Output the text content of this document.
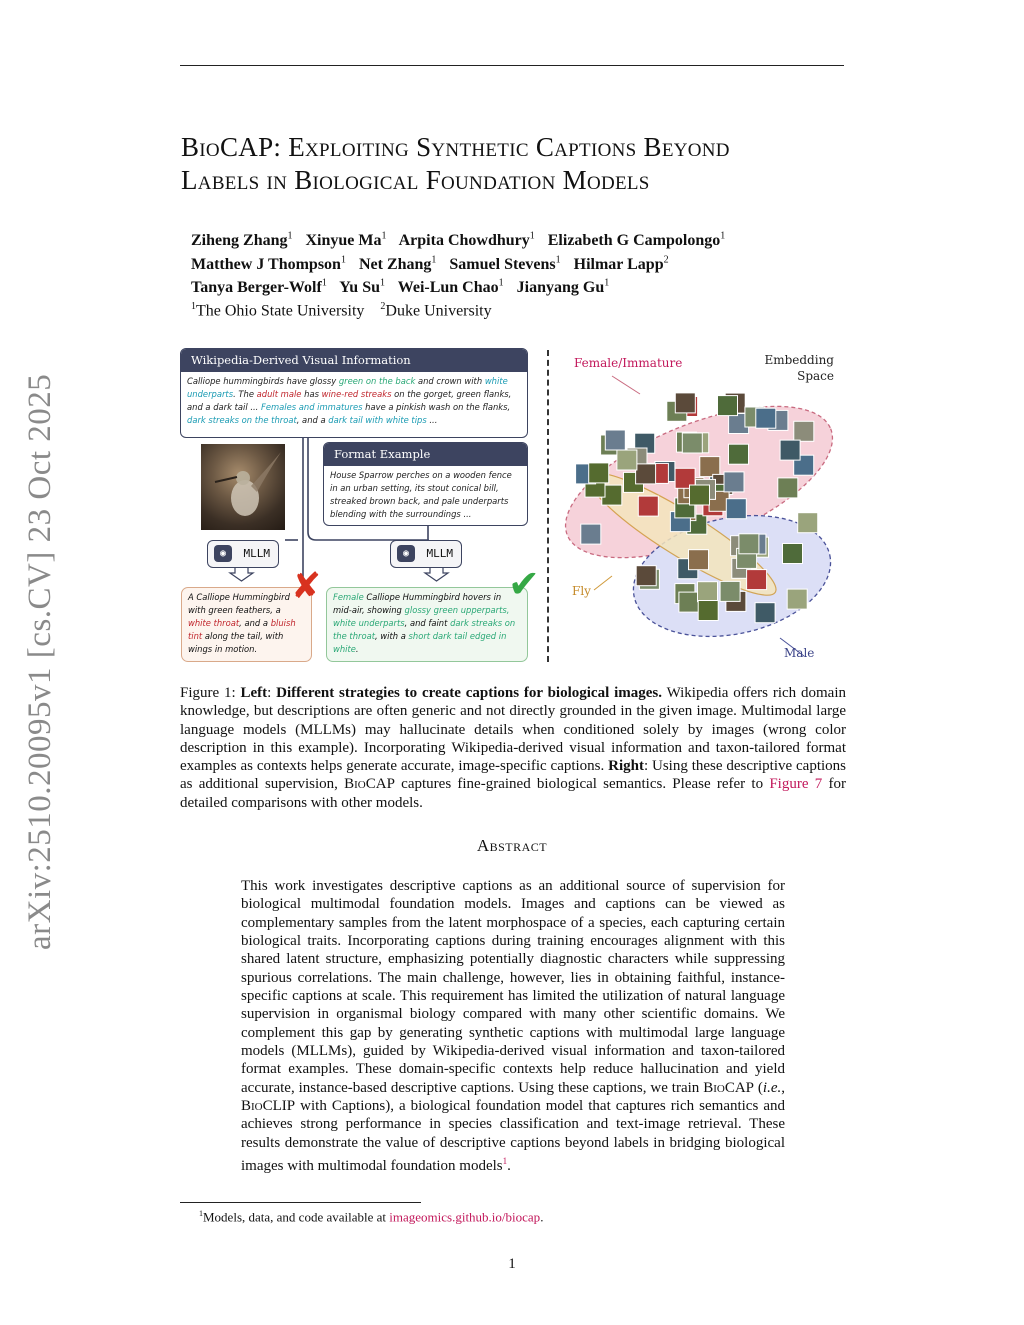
arXiv:2510.20095v1 [cs.CV] 23 Oct 2025
BioCAP: Exploiting Synthetic Captions Beyond
Labels in Biological Foundation Models
Ziheng Zhang$^1$ Xinyue Ma$^1$ Arpita Chowdhury$^1$ Elizabeth G Campolongo$^1$
Matthew J Thompson$^1$ Net Zhang$^1$ Samuel Stevens$^1$ Hilmar Lapp$^2$
Tanya Berger-Wolf$^1$ Yu Su$^1$ Wei-Lun Chao$^1$ Jianyang Gu$^1$
$^1$The Ohio State University $^2$Duke University
Wikipedia-Derived Visual Information
Calliope hummingbirds have glossy green on the back and crown with white underparts. The adult male has wine-red streaks on the gorget, green flanks, and a dark tail ... Females and immatures have a pinkish wash on the flanks, dark streaks on the throat, and a dark tail with white tips ...
Format Example
House Sparrow perches on a wooden fence in an urban setting, its stout conical bill, streaked brown back, and pale underparts blending with the surroundings ...
◉	MLLM	◉	MLLM
A Calliope Hummingbird with green feathers, a white throat, and a bluish tint along the tail, with wings in motion.
✘	Female Calliope Hummingbird hovers in mid-air, showing glossy green upperparts, white underparts, and faint dark streaks on the throat, with a short dark tail edged in white.
✔
Female/Immature	Embedding Space
Fly
Male
Figure 1: Left: Different strategies to create captions for biological images. Wikipedia offers rich domain knowledge, but descriptions are often generic and not directly grounded in the given image. Multimodal large language models (MLLMs) may hallucinate details when conditioned solely by images (wrong color description in this example). Incorporating Wikipedia-derived visual information and taxon-tailored format examples as contexts helps generate accurate, image-specific captions. Right: Using these descriptive captions as additional supervision, BioCAP captures fine-grained biological semantics. Please refer to Figure 7 for detailed comparisons with other models.
Abstract
This work investigates descriptive captions as an additional source of supervision for biological multimodal foundation models. Images and captions can be viewed as complementary samples from the latent morphospace of a species, each capturing certain biological traits. Incorporating captions during training encourages alignment with this shared latent structure, emphasizing potentially diagnostic characters while suppressing spurious correlations. The main challenge, however, lies in obtaining faithful, instance-specific captions at scale. This requirement has limited the utilization of natural language supervision in organismal biology compared with many other scientific domains. We complement this gap by generating synthetic captions with multimodal large language models (MLLMs), guided by Wikipedia-derived visual information and taxon-tailored format examples. These domain-specific contexts help reduce hallucination and yield accurate, instance-based descriptive captions. Using these captions, we train BioCAP (i.e., BioCLIP with Captions), a biological foundation model that captures rich semantics and achieves strong performance in species classification and text-image retrieval. These results demonstrate the value of descriptive captions beyond labels in bridging biological images with multimodal foundation models$^1$.
$^1$Models, data, and code available at imageomics.github.io/biocap.
1
